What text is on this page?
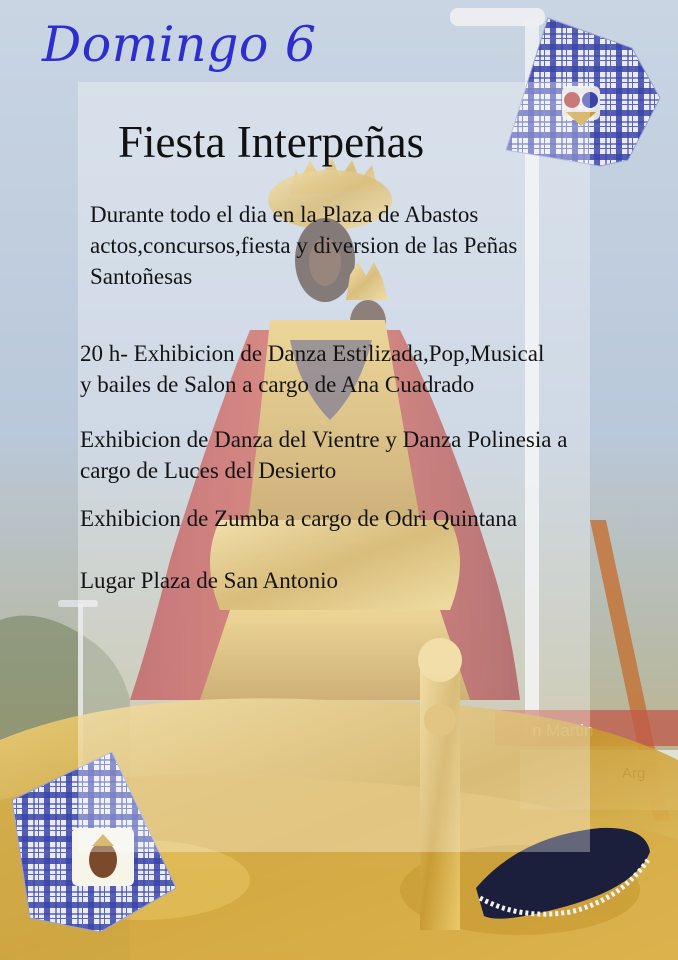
Domingo 6
Fiesta Interpeñas
Durante todo el dia en la Plaza de Abastos
actos,concursos,fiesta y diversion de las Peñas
Santoñesas
20 h- Exhibicion de Danza Estilizada,Pop,Musical
y bailes de Salon a cargo de Ana Cuadrado
Exhibicion de Danza del Vientre y Danza Polinesia a
cargo de Luces del Desierto
Exhibicion de Zumba a cargo de Odri Quintana
Lugar Plaza de San Antonio
